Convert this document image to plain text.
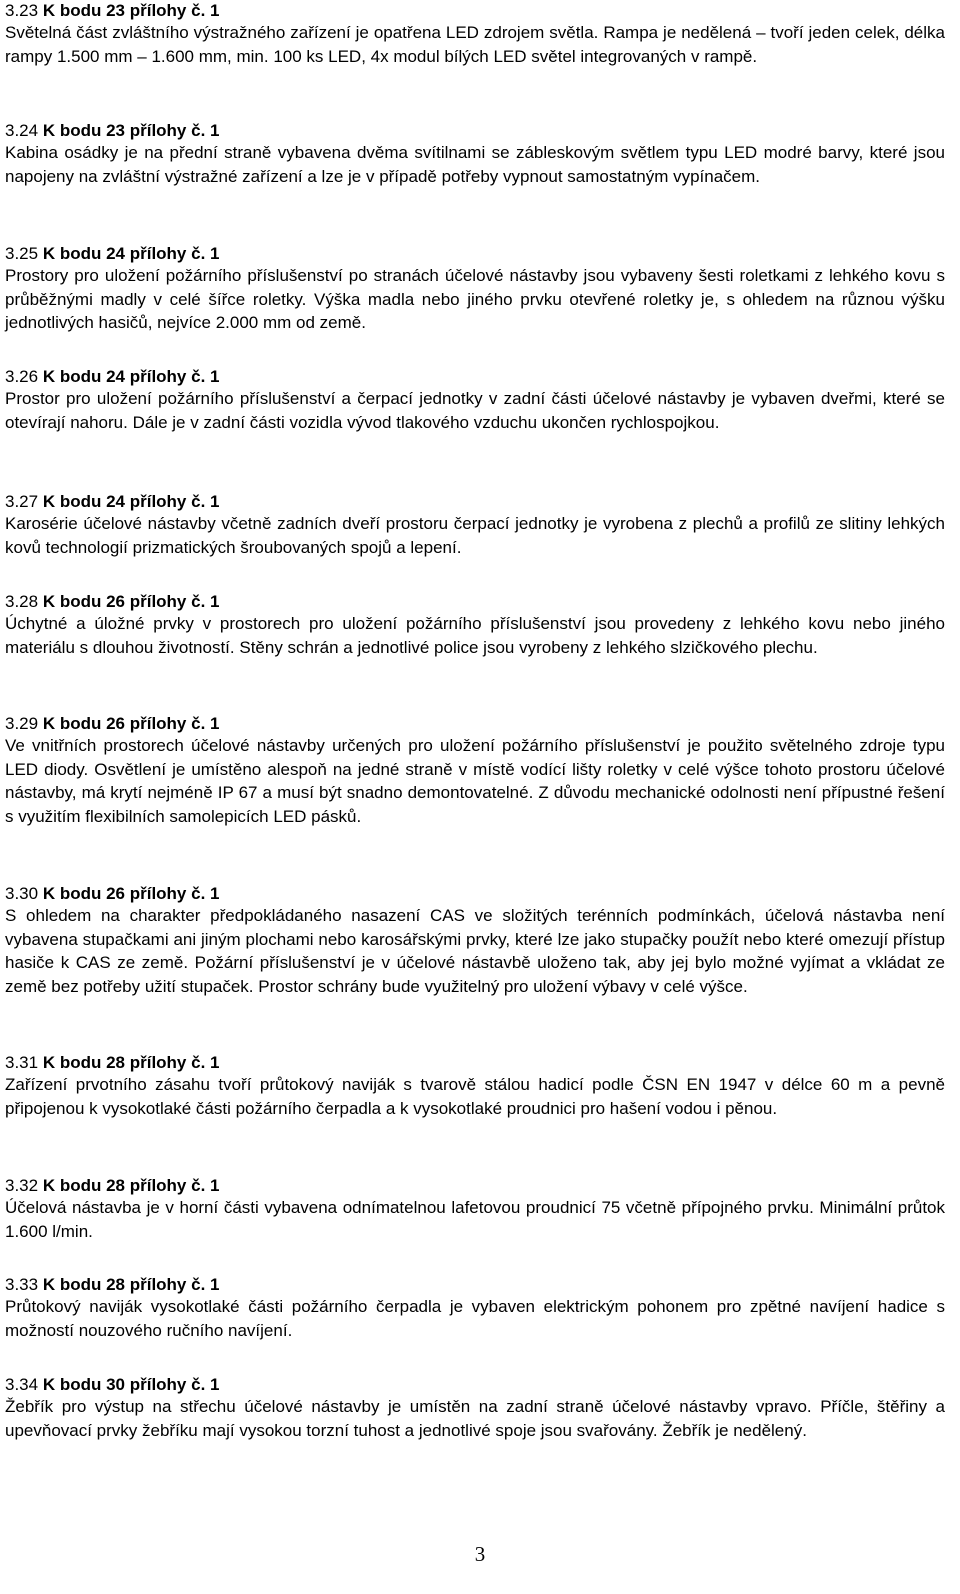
3.23 K bodu 23 přílohy č. 1
Světelná část zvláštního výstražného zařízení je opatřena LED zdrojem světla. Rampa je nedělená – tvoří jeden celek, délka rampy 1.500 mm – 1.600 mm, min. 100 ks LED, 4x modul bílých LED světel integrovaných v rampě.
3.24 K bodu 23 přílohy č. 1
Kabina osádky je na přední straně vybavena dvěma svítilnami se zábleskovým světlem typu LED modré barvy, které jsou napojeny na zvláštní výstražné zařízení a lze je v případě potřeby vypnout samostatným vypínačem.
3.25 K bodu 24 přílohy č. 1
Prostory pro uložení požárního příslušenství po stranách účelové nástavby jsou vybaveny šesti roletkami z lehkého kovu s průběžnými madly v celé šířce roletky. Výška madla nebo jiného prvku otevřené roletky je, s ohledem na různou výšku jednotlivých hasičů, nejvíce 2.000 mm od země.
3.26 K bodu 24 přílohy č. 1
Prostor pro uložení požárního příslušenství a čerpací jednotky v zadní části účelové nástavby je vybaven dveřmi, které se otevírají nahoru. Dále je v zadní části vozidla vývod tlakového vzduchu ukončen rychlospojkou.
3.27 K bodu 24 přílohy č. 1
Karosérie účelové nástavby včetně zadních dveří prostoru čerpací jednotky je vyrobena z plechů a profilů ze slitiny lehkých kovů technologií prizmatických šroubovaných spojů a lepení.
3.28 K bodu 26 přílohy č. 1
Úchytné a úložné prvky v prostorech pro uložení požárního příslušenství jsou provedeny z lehkého kovu nebo jiného materiálu s dlouhou životností. Stěny schrán a jednotlivé police jsou vyrobeny z lehkého slzičkového plechu.
3.29 K bodu 26 přílohy č. 1
Ve vnitřních prostorech účelové nástavby určených pro uložení požárního příslušenství je použito světelného zdroje typu LED diody. Osvětlení je umístěno alespoň na jedné straně v místě vodící lišty roletky v celé výšce tohoto prostoru účelové nástavby, má krytí nejméně IP 67 a musí být snadno demontovatelné. Z důvodu mechanické odolnosti není přípustné řešení s využitím flexibilních samolepicích LED pásků.
3.30 K bodu 26 přílohy č. 1
S ohledem na charakter předpokládaného nasazení CAS ve složitých terénních podmínkách, účelová nástavba není vybavena stupačkami ani jiným plochami nebo karosářskými prvky, které lze jako stupačky použít nebo které omezují přístup hasiče k CAS ze země. Požární příslušenství je v účelové nástavbě uloženo tak, aby jej bylo možné vyjímat a vkládat ze země bez potřeby užití stupaček. Prostor schrány bude využitelný pro uložení výbavy v celé výšce.
3.31 K bodu 28 přílohy č. 1
Zařízení prvotního zásahu tvoří průtokový naviják s tvarově stálou hadicí podle ČSN EN 1947 v délce 60 m a pevně připojenou k vysokotlaké části požárního čerpadla a k vysokotlaké proudnici pro hašení vodou i pěnou.
3.32 K bodu 28 přílohy č. 1
Účelová nástavba je v horní části vybavena odnímatelnou lafetovou proudnicí 75 včetně přípojného prvku. Minimální průtok 1.600 l/min.
3.33 K bodu 28 přílohy č. 1
Průtokový naviják vysokotlaké části požárního čerpadla je vybaven elektrickým pohonem pro zpětné navíjení hadice s možností nouzového ručního navíjení.
3.34 K bodu 30 přílohy č. 1
Žebřík pro výstup na střechu účelové nástavby je umístěn na zadní straně účelové nástavby vpravo. Příčle, štěřiny a upevňovací prvky žebříku mají vysokou torzní tuhost a jednotlivé spoje jsou svařovány. Žebřík je nedělený.
3
